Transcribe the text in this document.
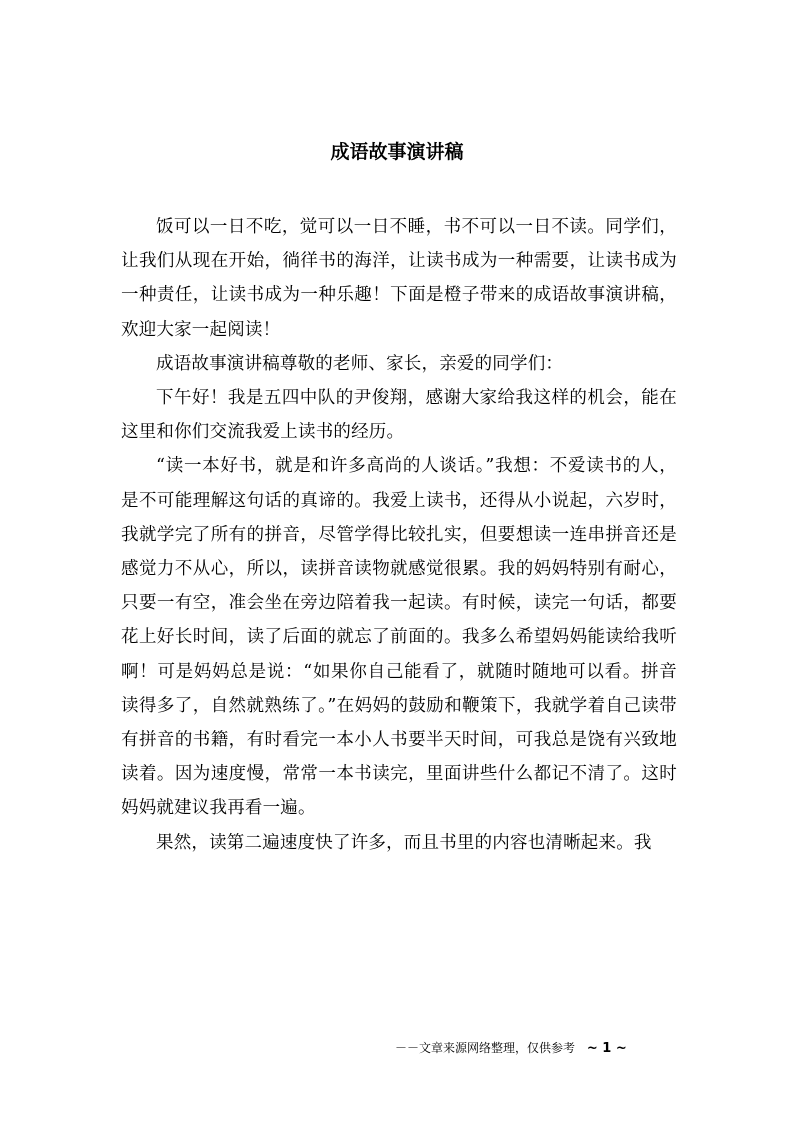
成语故事演讲稿

饭可以一日不吃，觉可以一日不睡，书不可以一日不读。同学们，让我们从现在开始，徜徉书的海洋，让读书成为一种需要，让读书成为一种责任，让读书成为一种乐趣！下面是橙子带来的成语故事演讲稿，欢迎大家一起阅读！

成语故事演讲稿尊敬的老师、家长，亲爱的同学们：

下午好！我是五四中队的尹俊翔，感谢大家给我这样的机会，能在这里和你们交流我爱上读书的经历。

“读一本好书，就是和许多高尚的人谈话。”我想：不爱读书的人，是不可能理解这句话的真谛的。我爱上读书，还得从小说起，六岁时，我就学完了所有的拼音，尽管学得比较扎实，但要想读一连串拼音还是感觉力不从心，所以，读拼音读物就感觉很累。我的妈妈特别有耐心，只要一有空，准会坐在旁边陪着我一起读。有时候，读完一句话，都要花上好长时间，读了后面的就忘了前面的。我多么希望妈妈能读给我听啊！可是妈妈总是说：“如果你自己能看了，就随时随地可以看。拼音读得多了，自然就熟练了。”在妈妈的鼓励和鞭策下，我就学着自己读带有拼音的书籍，有时看完一本小人书要半天时间，可我总是饶有兴致地读着。因为速度慢，常常一本书读完，里面讲些什么都记不清了。这时妈妈就建议我再看一遍。

果然，读第二遍速度快了许多，而且书里的内容也清晰起来。我

－－文章来源网络整理，仅供参考 ~ 1 ~
